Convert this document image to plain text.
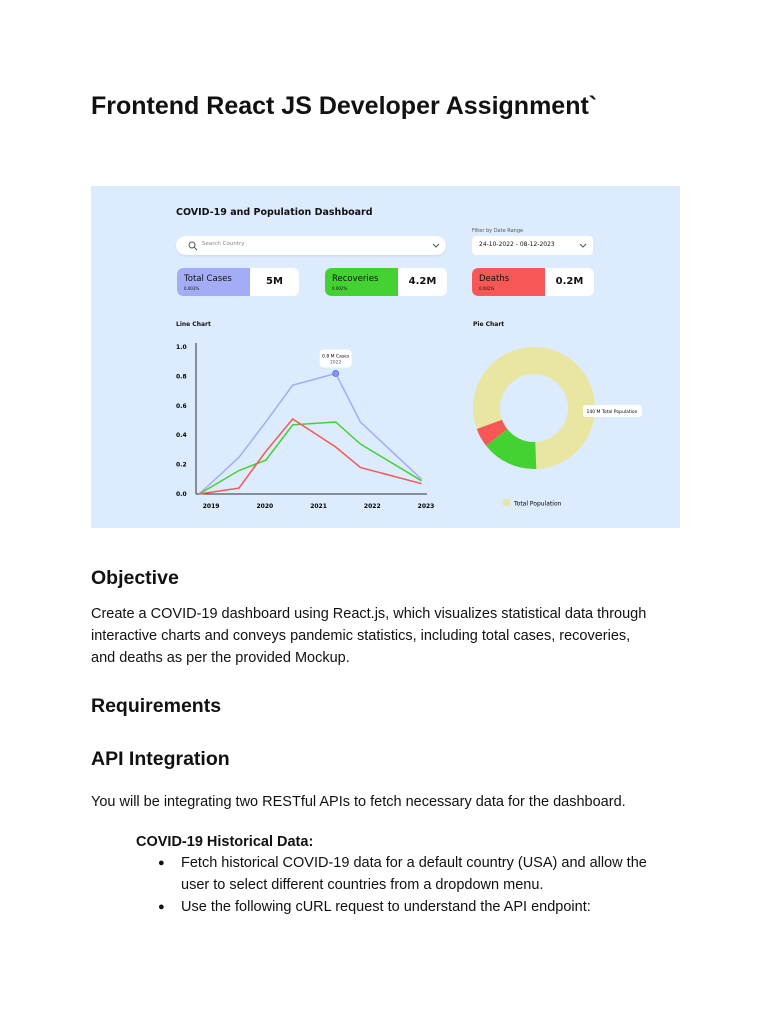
Frontend React JS Developer Assignment`
COVID-19 and Population Dashboard
Search Country
Filter by Date Range
24-10-2022 - 08-12-2023
Total Cases
0.003%
5M	Recoveries
0.002%
4.2M	Deaths
0.002%
0.2M
Line Chart	Pie Chart
0.0
0.2
0.4
0.6
0.8
1.0
2019	2020	2021	2022	2023
0.8 M Cases
2022
140 M Total Population
Total Population
Objective

Create a COVID-19 dashboard using React.js, which visualizes statistical data through

interactive charts and conveys pandemic statistics, including total cases, recoveries,

and deaths as per the provided Mockup.

Requirements
API Integration

You will be integrating two RESTful APIs to fetch necessary data for the dashboard.

COVID-19 Historical Data:
● Fetch historical COVID-19 data for a default country (USA) and allow the
user to select different countries from a dropdown menu.
● Use the following cURL request to understand the API endpoint:
